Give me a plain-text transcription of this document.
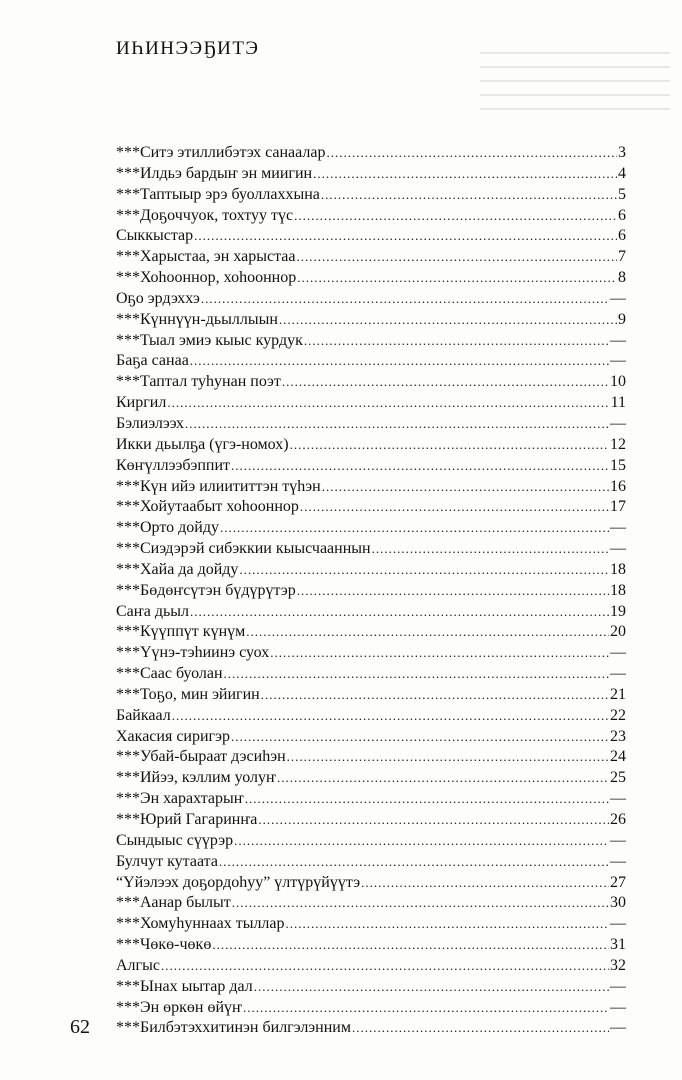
ИҺИНЭЭҔИТЭ
***Ситэ этиллибэтэх санаалар .....	3
***Илдьэ бардыҥ эн миигин .....	4
***Таптыыр эрэ буоллаххына .....	5
***Доҕоччуок, тохтуу түс .....	6
Сыккыстар .....	6
***Харыстаа, эн харыстаа .....	7
***Хоһооннор, хоһооннор .....	8
Оҕо эрдэххэ .....	—
***Күннүүн-дьыллыын .....	9
***Тыал эмиэ кыыс курдук .....	—
Баҕа санаа .....	—
***Таптал туһунан поэт .....	10
Киргил .....	11
Бэлиэлээх .....	—
Икки дьылҕа (үгэ-номох) .....	12
Көҥүллээбэппит .....	15
***Күн ийэ илиититтэн түһэн .....	16
***Хойутаабыт хоһооннор .....	17
***Орто дойду .....	—
***Сиэдэрэй сибэккии кыысчааннын .....	—
***Хайа да дойду .....	18
***Бөдөҥсүтэн бүдүрүтэр .....	18
Саҥа дьыл .....	19
***Күүппүт күнүм .....	20
***Үүнэ-тэһиинэ суох .....	—
***Саас буолан .....	—
***Тоҕо, мин эйигин .....	21
Байкаал .....	22
Хакасия сиригэр .....	23
***Убай-быраат дэсиһэн .....	24
***Ийээ, кэллим уолуҥ .....	25
***Эн харахтарыҥ .....	—
***Юрий Гагаринҥа .....	26
Сындыыс сүүрэр .....	—
Булчут кутаата .....	—
“Үйэлээх доҕордоһуу” үлтүрүйүүтэ .....	27
***Аанар былыт .....	30
***Хомуһуннаах тыллар .....	—
***Чөкө-чөкө .....	31
Алгыс .....	32
***Ынах ыытар дал .....	—
***Эн өркөн өйүҥ .....	—
***Билбэтэххитинэн билгэлэнним .....	—

62
